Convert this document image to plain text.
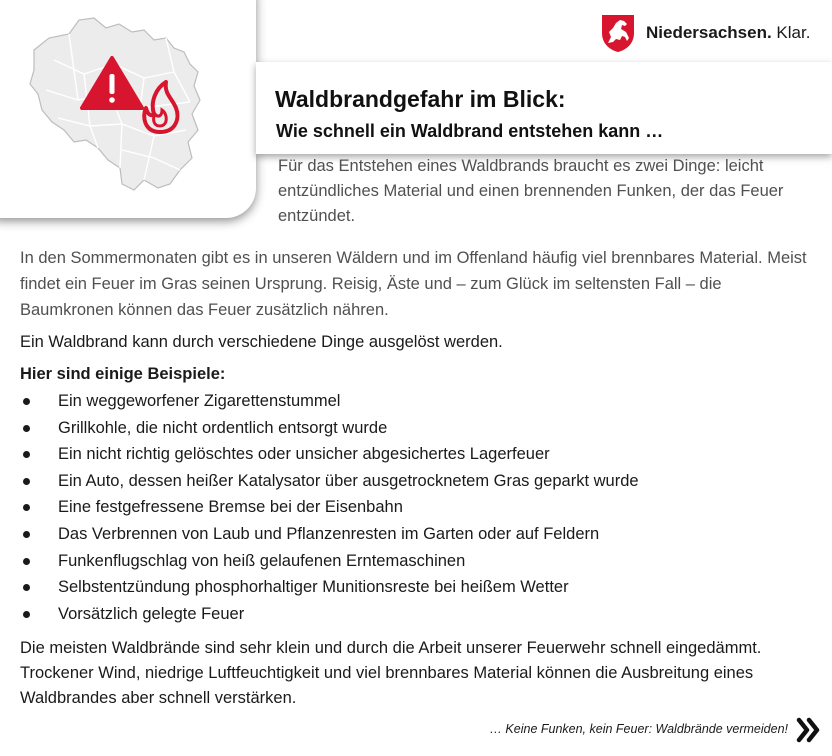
Niedersachsen. Klar.
Waldbrandgefahr im Blick:
Wie schnell ein Waldbrand entstehen kann …

Für das Entstehen eines Waldbrands braucht es zwei Dinge: leicht entzündliches Material und einen brennenden Funken, der das Feuer entzündet.

In den Sommermonaten gibt es in unseren Wäldern und im Offenland häufig viel brennbares Material. Meist findet ein Feuer im Gras seinen Ursprung. Reisig, Äste und – zum Glück im seltensten Fall – die Baumkronen können das Feuer zusätzlich nähren.

Ein Waldbrand kann durch verschiedene Dinge ausgelöst werden.

Hier sind einige Beispiele:

Ein weggeworfener Zigarettenstummel
Grillkohle, die nicht ordentlich entsorgt wurde
Ein nicht richtig gelöschtes oder unsicher abgesichertes Lagerfeuer
Ein Auto, dessen heißer Katalysator über ausgetrocknetem Gras geparkt wurde
Eine festgefressene Bremse bei der Eisenbahn
Das Verbrennen von Laub und Pflanzenresten im Garten oder auf Feldern
Funkenflugschlag von heiß gelaufenen Erntemaschinen
Selbstentzündung phosphorhaltiger Munitionsreste bei heißem Wetter
Vorsätzlich gelegte Feuer

Die meisten Waldbrände sind sehr klein und durch die Arbeit unserer Feuerwehr schnell eingedämmt. Trockener Wind, niedrige Luftfeuchtigkeit und viel brennbares Material können die Ausbreitung eines Waldbrandes aber schnell verstärken.

… Keine Funken, kein Feuer: Waldbrände vermeiden!
